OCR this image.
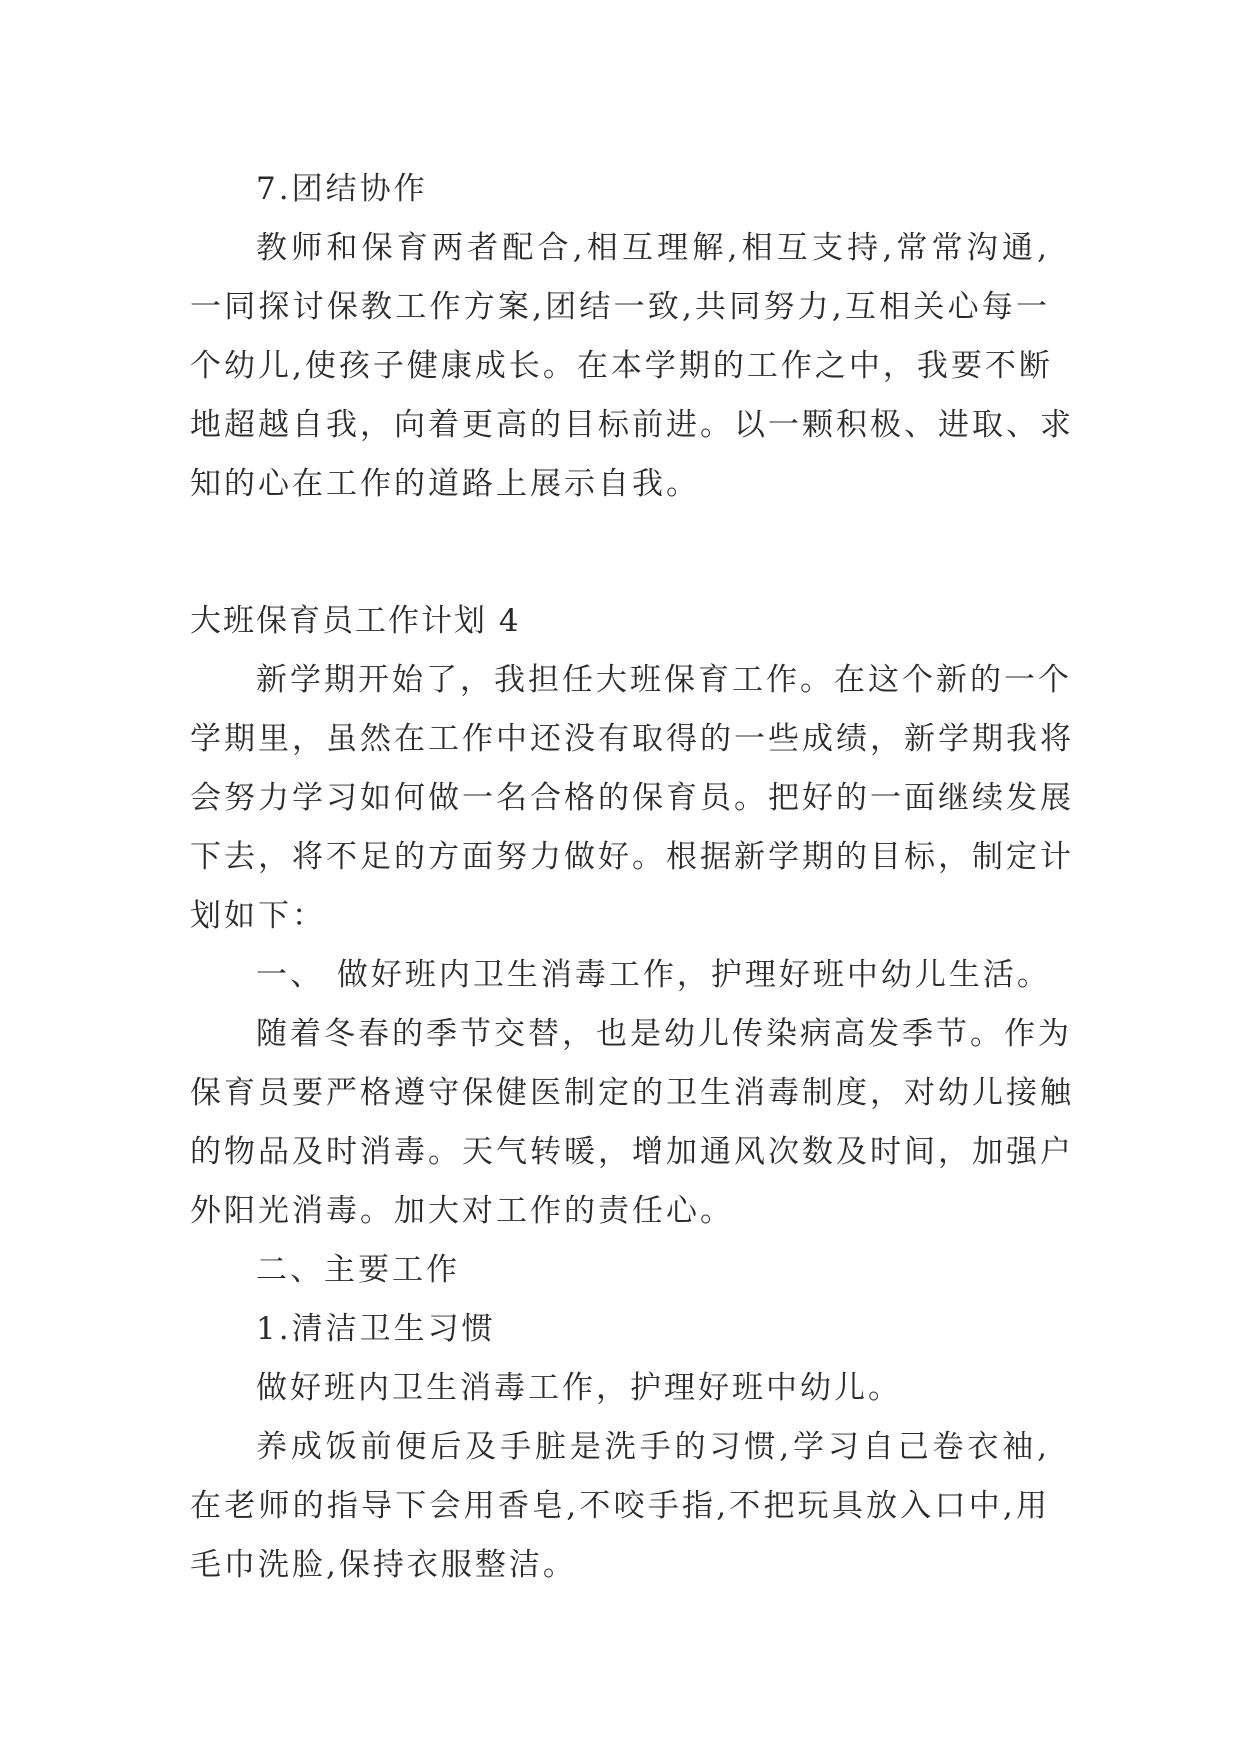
7.团结协作

教师和保育两者配合,相互理解,相互支持,常常沟通,

一同探讨保教工作方案,团结一致,共同努力,互相关心每一

个幼儿,使孩子健康成长。在本学期的工作之中，我要不断

地超越自我，向着更高的目标前进。以一颗积极、进取、求

知的心在工作的道路上展示自我。

大班保育员工作计划 4

新学期开始了，我担任大班保育工作。在这个新的一个

学期里，虽然在工作中还没有取得的一些成绩，新学期我将

会努力学习如何做一名合格的保育员。把好的一面继续发展

下去，将不足的方面努力做好。根据新学期的目标，制定计

划如下：

一、 做好班内卫生消毒工作，护理好班中幼儿生活。

随着冬春的季节交替，也是幼儿传染病高发季节。作为

保育员要严格遵守保健医制定的卫生消毒制度，对幼儿接触

的物品及时消毒。天气转暖，增加通风次数及时间，加强户

外阳光消毒。加大对工作的责任心。

二、主要工作

1.清洁卫生习惯

做好班内卫生消毒工作，护理好班中幼儿。

养成饭前便后及手脏是洗手的习惯,学习自己卷衣袖,

在老师的指导下会用香皂,不咬手指,不把玩具放入口中,用

毛巾洗脸,保持衣服整洁。
